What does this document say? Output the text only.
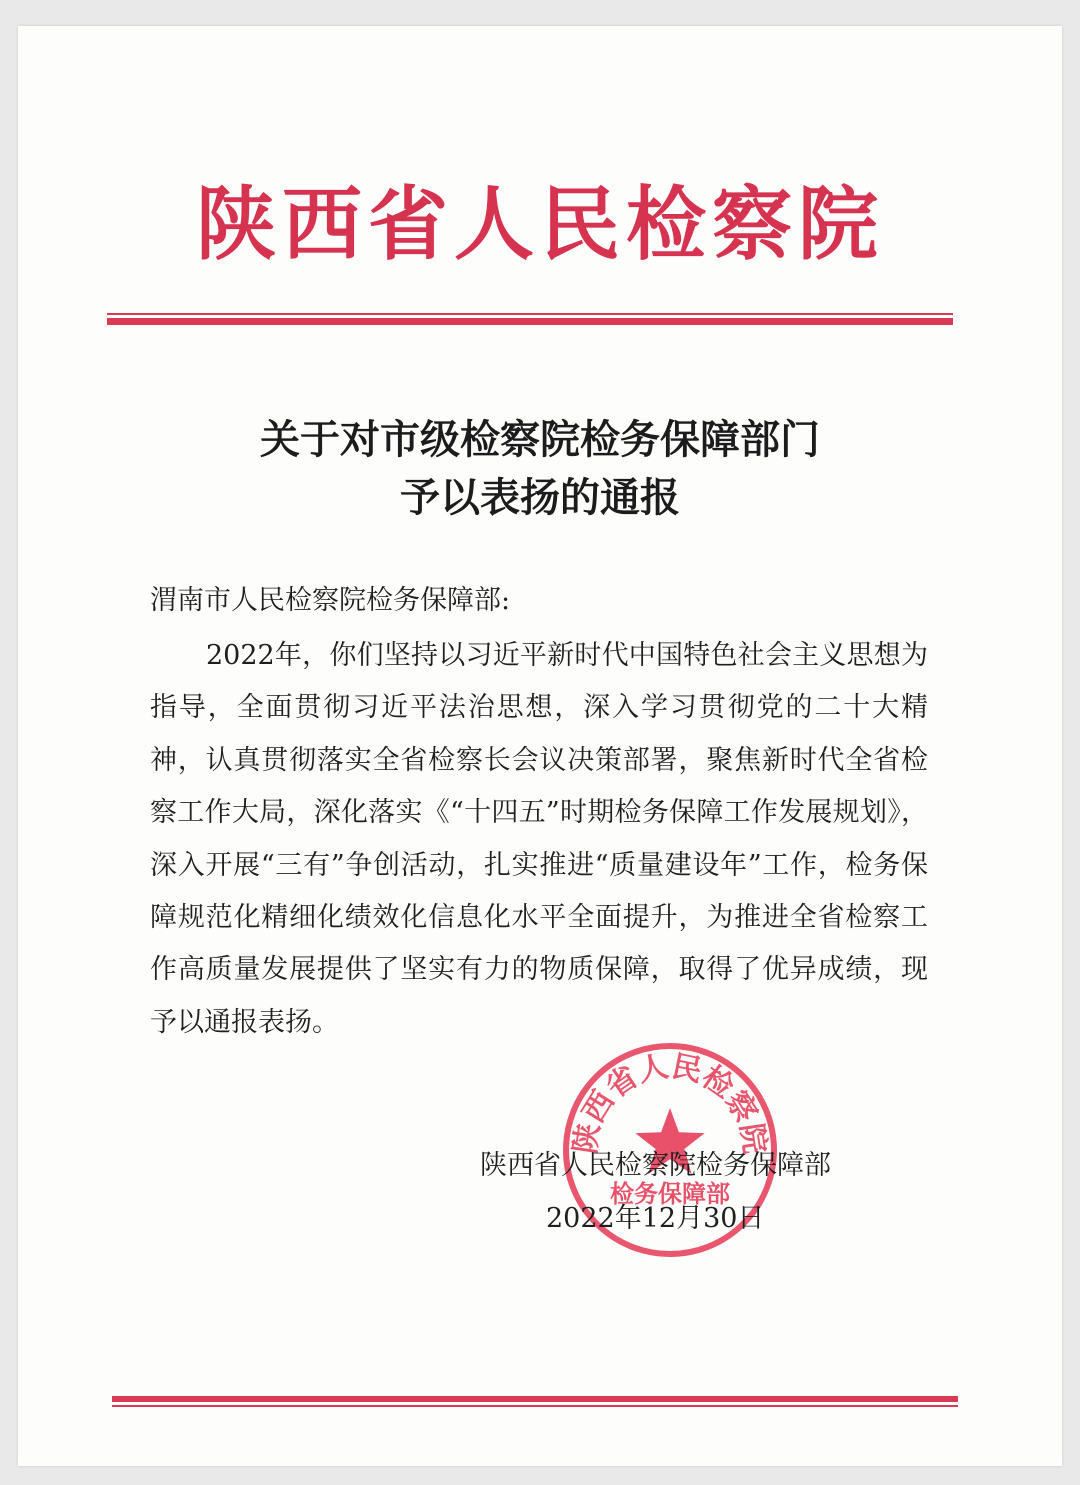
陕西省人民检察院
关于对市级检察院检务保障部门
予以表扬的通报
渭南市人民检察院检务保障部:

2022年，你们坚持以习近平新时代中国特色社会主义思想为指导，全面贯彻习近平法治思想，深入学习贯彻党的二十大精神，认真贯彻落实全省检察长会议决策部署，聚焦新时代全省检察工作大局，深化落实《“十四五”时期检务保障工作发展规划》，深入开展“三有”争创活动，扎实推进“质量建设年”工作，检务保障规范化精细化绩效化信息化水平全面提升，为推进全省检察工作高质量发展提供了坚实有力的物质保障，取得了优异成绩，现予以通报表扬。

陕西省人民检察院
检务保障部
陕西省人民检察院检务保障部
2022年12月30日
